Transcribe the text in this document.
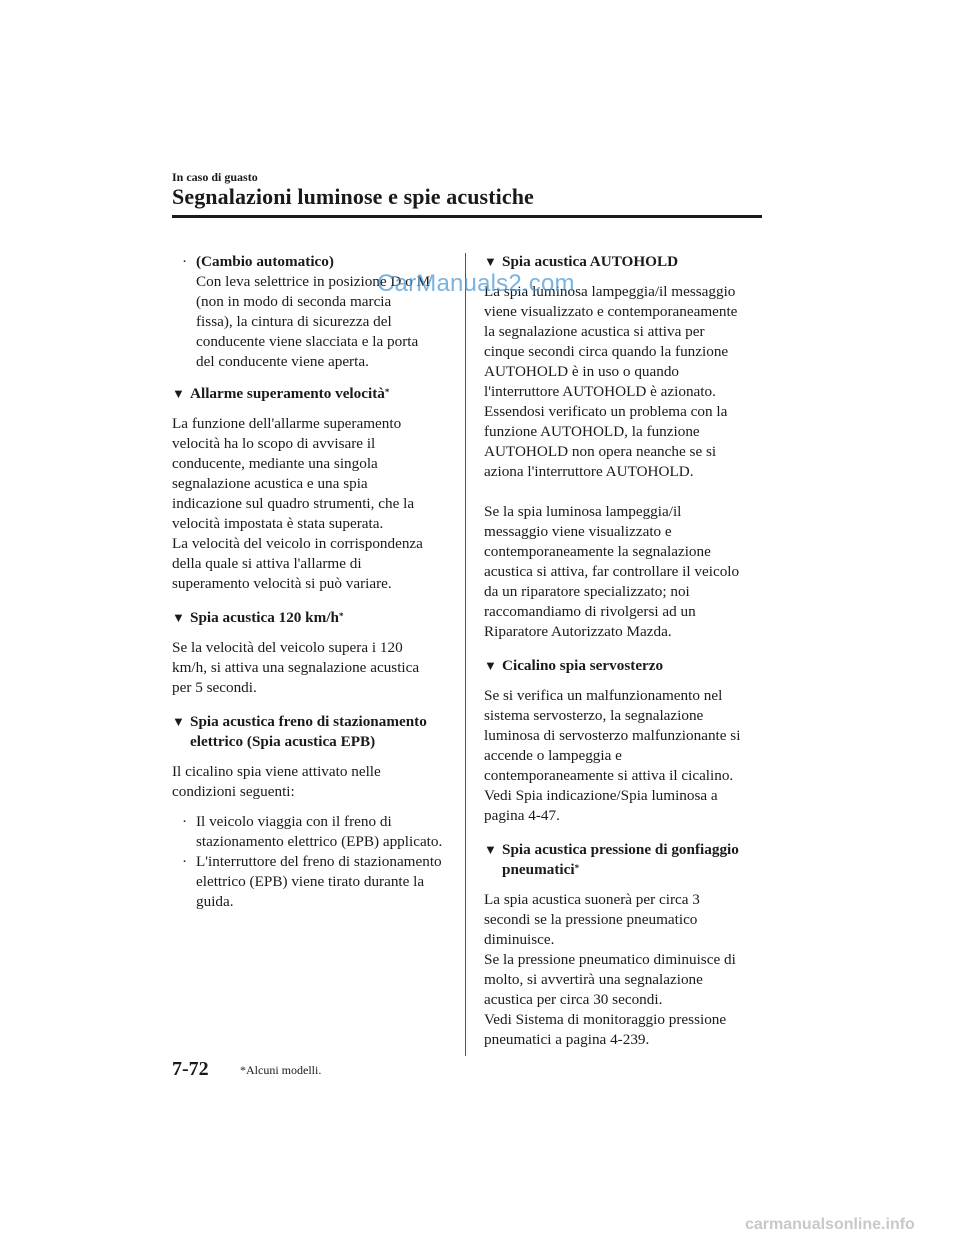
In caso di guasto
Segnalazioni luminose e spie acustiche
· (Cambio automatico)
Con leva selettrice in posizione D o M
(non in modo di seconda marcia
fissa), la cintura di sicurezza del
conducente viene slacciata e la porta
del conducente viene aperta.
▼ Allarme superamento velocità*
La funzione dell'allarme superamento
velocità ha lo scopo di avvisare il
conducente, mediante una singola
segnalazione acustica e una spia
indicazione sul quadro strumenti, che la
velocità impostata è stata superata.
La velocità del veicolo in corrispondenza
della quale si attiva l'allarme di
superamento velocità si può variare.
▼ Spia acustica 120 km/h*
Se la velocità del veicolo supera i 120
km/h, si attiva una segnalazione acustica
per 5 secondi.
▼ Spia acustica freno di stazionamento
elettrico (Spia acustica EPB)
Il cicalino spia viene attivato nelle
condizioni seguenti:
· Il veicolo viaggia con il freno di
stazionamento elettrico (EPB) applicato.
· L'interruttore del freno di stazionamento
elettrico (EPB) viene tirato durante la
guida.
▼ Spia acustica AUTOHOLD
La spia luminosa lampeggia/il messaggio
viene visualizzato e contemporaneamente
la segnalazione acustica si attiva per
cinque secondi circa quando la funzione
AUTOHOLD è in uso o quando
l'interruttore AUTOHOLD è azionato.
Essendosi verificato un problema con la
funzione AUTOHOLD, la funzione
AUTOHOLD non opera neanche se si
aziona l'interruttore AUTOHOLD.
Se la spia luminosa lampeggia/il
messaggio viene visualizzato e
contemporaneamente la segnalazione
acustica si attiva, far controllare il veicolo
da un riparatore specializzato; noi
raccomandiamo di rivolgersi ad un
Riparatore Autorizzato Mazda.
▼ Cicalino spia servosterzo
Se si verifica un malfunzionamento nel
sistema servosterzo, la segnalazione
luminosa di servosterzo malfunzionante si
accende o lampeggia e
contemporaneamente si attiva il cicalino.
Vedi Spia indicazione/Spia luminosa a
pagina 4-47.
▼ Spia acustica pressione di gonfiaggio
pneumatici*
La spia acustica suonerà per circa 3
secondi se la pressione pneumatico
diminuisce.
Se la pressione pneumatico diminuisce di
molto, si avvertirà una segnalazione
acustica per circa 30 secondi.
Vedi Sistema di monitoraggio pressione
pneumatici a pagina 4-239.
CarManuals2.com
7-72	*Alcuni modelli.
carmanualsonline.info
